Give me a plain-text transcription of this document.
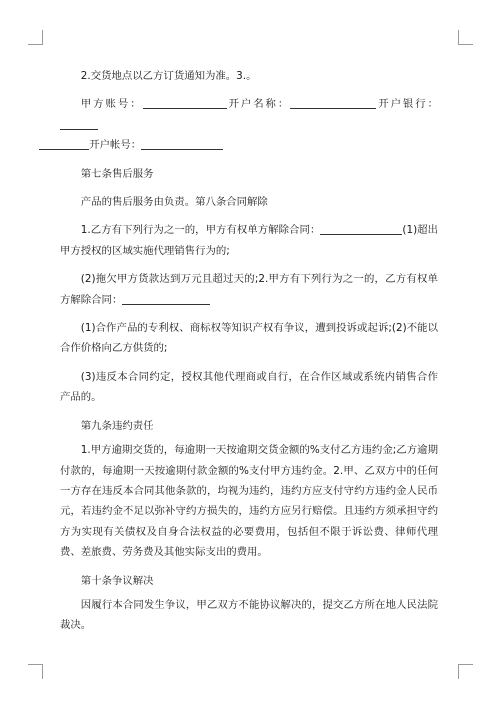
2.交货地点以乙方订货通知为准。3.。

甲方账号：	开户名称：	开户银行：
开户帐号：

第七条售后服务

产品的售后服务由负责。第八条合同解除

1.乙方有下列行为之一的，甲方有权单方解除合同：	(1)超出甲方授权的区域实施代理销售行为的;

(2)拖欠甲方货款达到万元且超过天的;2.甲方有下列行为之一的，乙方有权单方解除合同：

(1)合作产品的专利权、商标权等知识产权有争议，遭到投诉或起诉;(2)不能以合作价格向乙方供货的;

(3)违反本合同约定，授权其他代理商或自行，在合作区域或系统内销售合作产品的。

第九条违约责任

1.甲方逾期交货的，每逾期一天按逾期交货金额的%支付乙方违约金;乙方逾期付款的，每逾期一天按逾期付款金额的%支付甲方违约金。2.甲、乙双方中的任何一方存在违反本合同其他条款的，均视为违约，违约方应支付守约方违约金人民币元，若违约金不足以弥补守约方损失的，违约方应另行赔偿。且违约方须承担守约方为实现有关债权及自身合法权益的必要费用，包括但不限于诉讼费、律师代理费、差旅费、劳务费及其他实际支出的费用。

第十条争议解决

因履行本合同发生争议，甲乙双方不能协议解决的，提交乙方所在地人民法院裁决。
